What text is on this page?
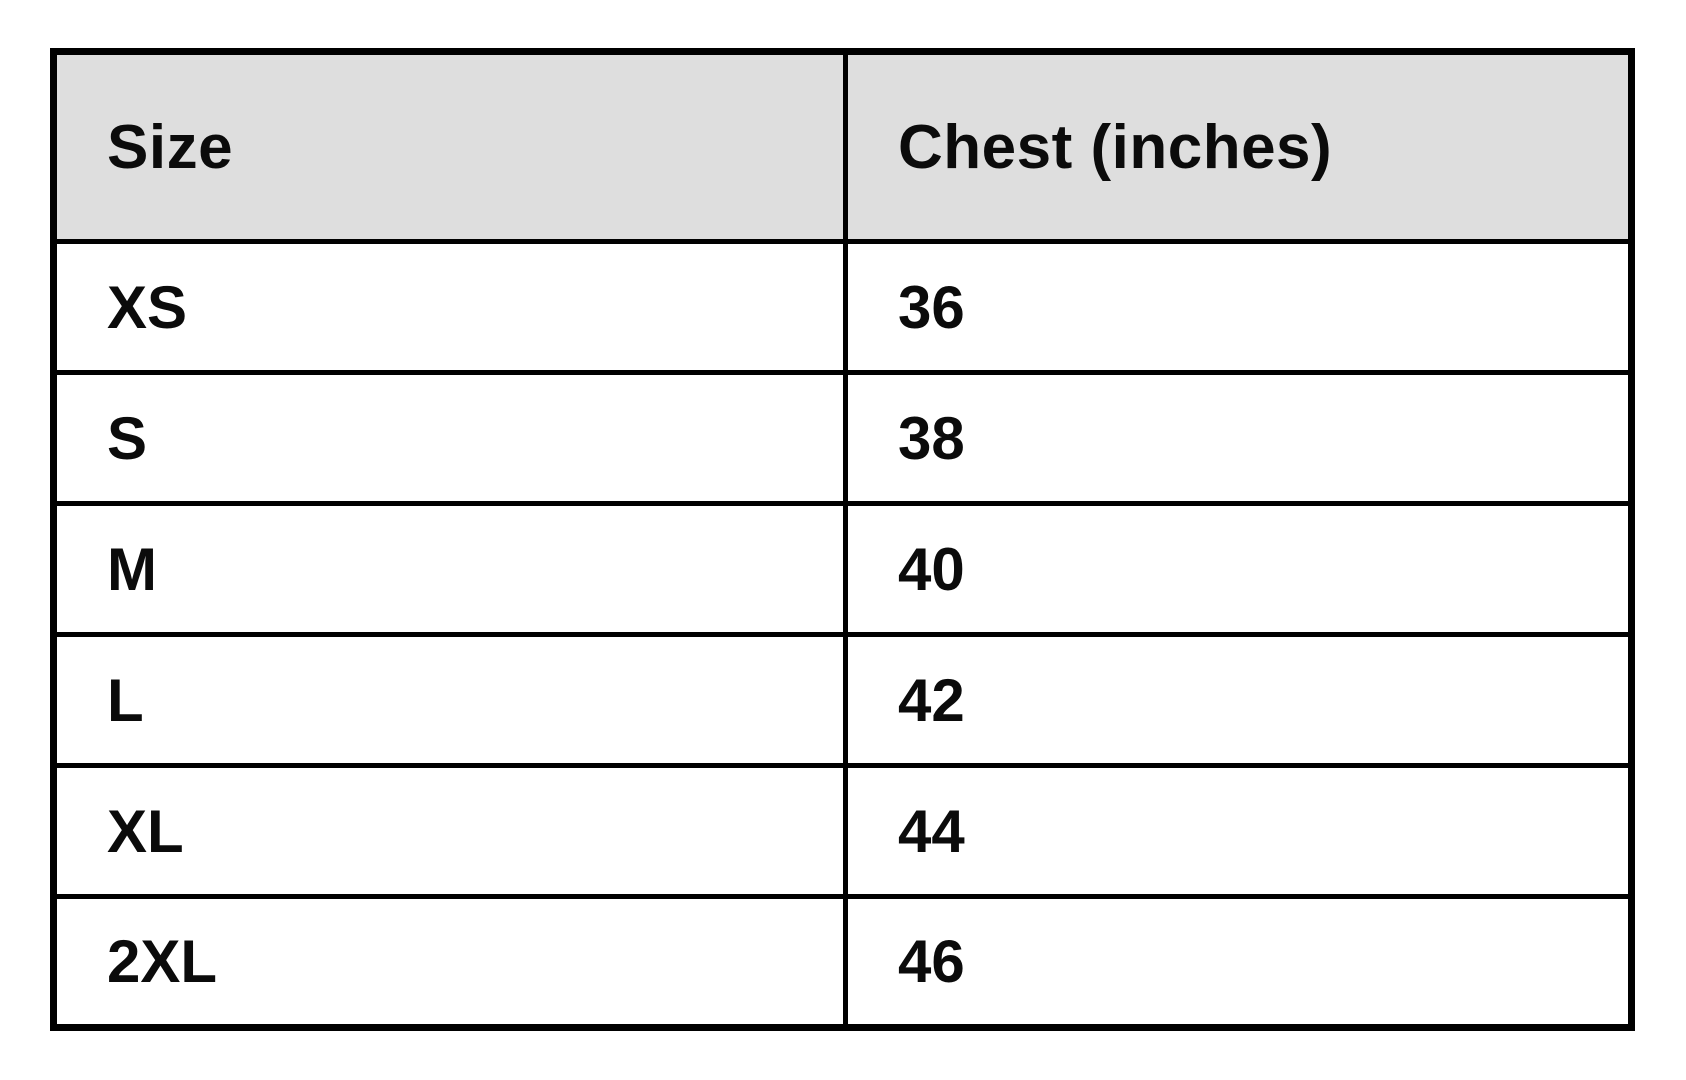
Size	Chest (inches)
XS	36
S	38
M	40
L	42
XL	44
2XL	46
